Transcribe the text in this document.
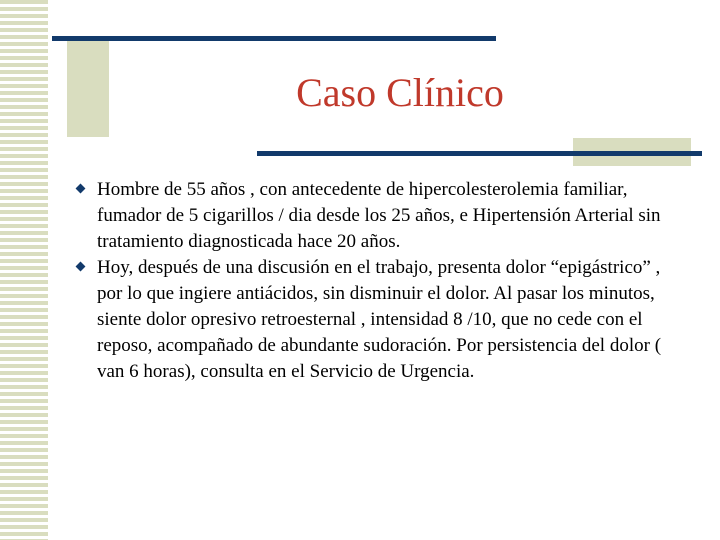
Caso Clínico
Hombre de 55 años , con antecedente de hipercolesterolemia familiar, fumador de 5 cigarillos / dia desde los 25 años, e Hipertensión Arterial sin tratamiento diagnosticada hace 20 años.
Hoy, después de una discusión en el trabajo, presenta dolor “epigástrico” , por lo que ingiere antiácidos, sin disminuir el dolor. Al pasar los minutos, siente dolor opresivo retroesternal , intensidad 8 /10, que no cede con el reposo, acompañado de abundante sudoración. Por persistencia del dolor ( van 6 horas), consulta en el Servicio de Urgencia.
